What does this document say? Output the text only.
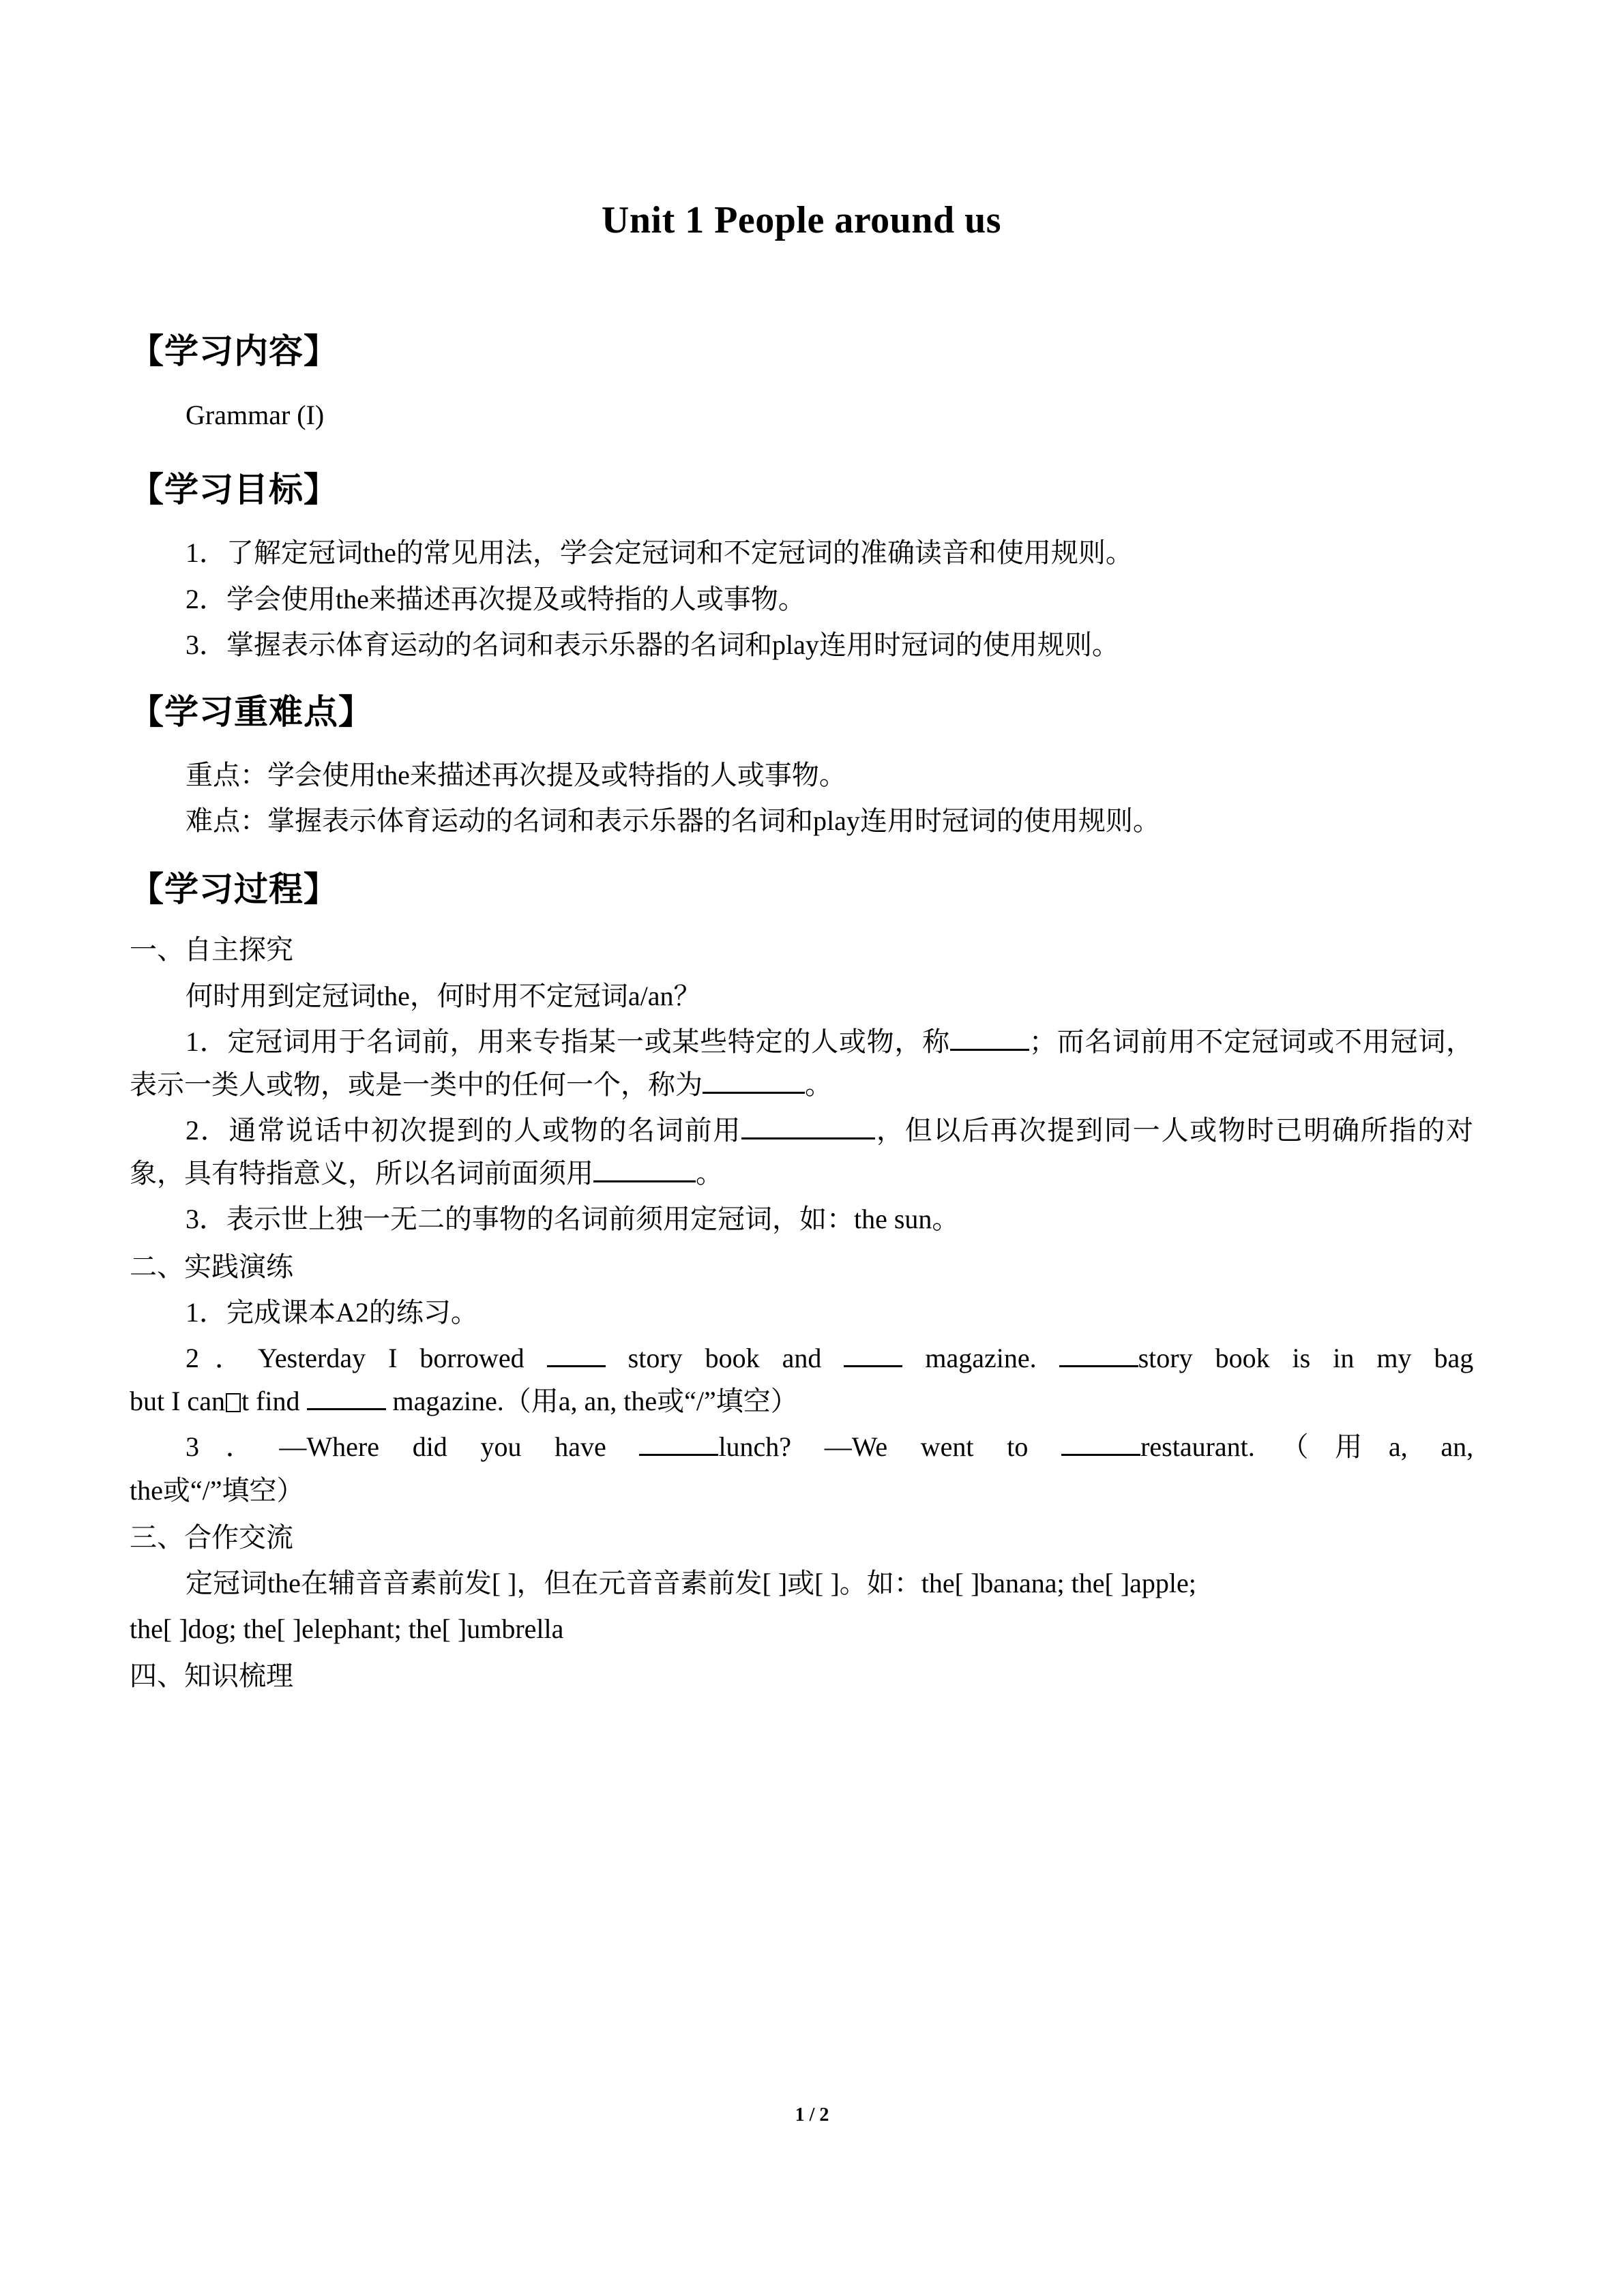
Unit 1 People around us
【学习内容】

Grammar (I)

【学习目标】

1．了解定冠词the的常见用法，学会定冠词和不定冠词的准确读音和使用规则。

2．学会使用the来描述再次提及或特指的人或事物。

3．掌握表示体育运动的名词和表示乐器的名词和play连用时冠词的使用规则。

【学习重难点】

重点：学会使用the来描述再次提及或特指的人或事物。

难点：掌握表示体育运动的名词和表示乐器的名词和play连用时冠词的使用规则。

【学习过程】

一、自主探究

何时用到定冠词the，何时用不定冠词a/an？

1．定冠词用于名词前，用来专指某一或某些特定的人或物，称	；而名词前用不定冠词或不用冠词，表示一类人或物，或是一类中的任何一个，称为	。

2．通常说话中初次提到的人或物的名词前用	，但以后再次提到同一人或物时已明确所指的对象，具有特指意义，所以名词前面须用	。

3．表示世上独一无二的事物的名词前须用定冠词，如：the sun。

二、实践演练

1．完成课本A2的练习。

2．Yesterday I borrowed	story book and	magazine.	story book is in my bag
but I can t find	magazine.（用a, an, the或“/”填空）

3．―Where did you have	lunch? ―We went to	restaurant.（用a, an,
the或“/”填空）

三、合作交流

定冠词the在辅音音素前发[ ]，但在元音音素前发[ ]或[ ]。如：the[ ]banana; the[ ]apple;

the[ ]dog; the[ ]elephant; the[ ]umbrella

四、知识梳理

1 / 2
